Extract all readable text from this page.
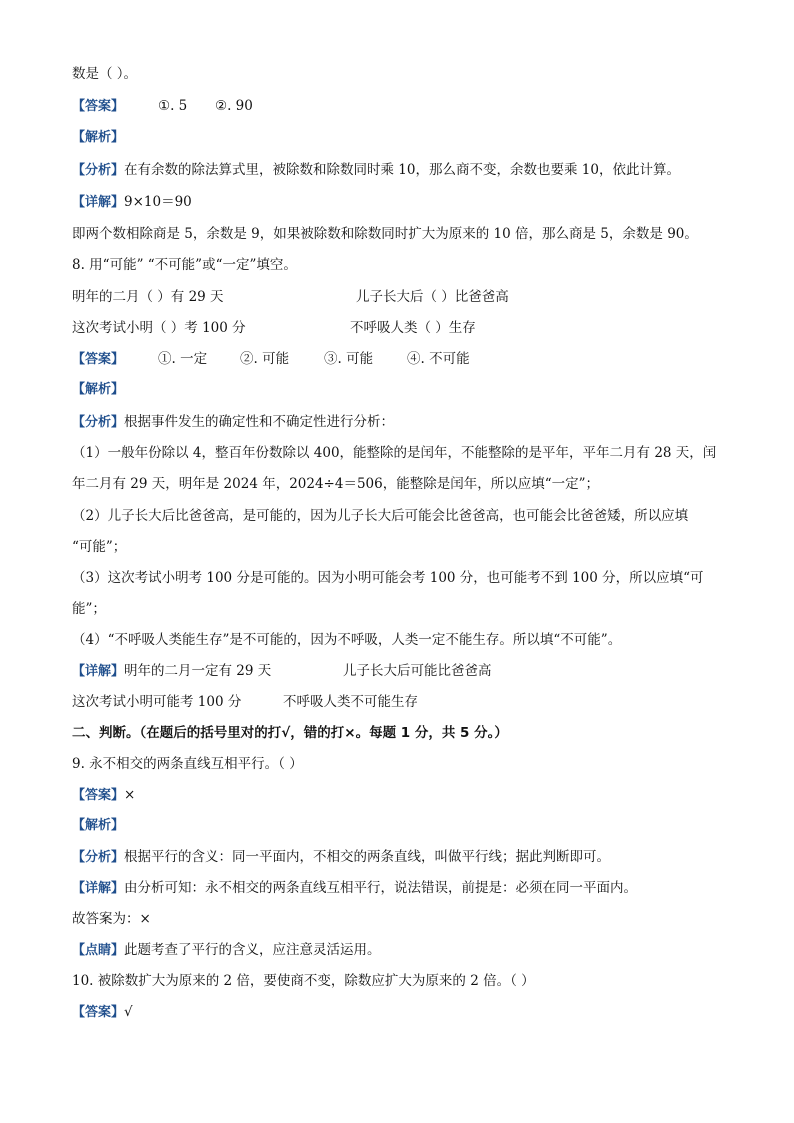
数是（ ）。
【答案】	①. 5 ②. 90
【解析】
【分析】在有余数的除法算式里，被除数和除数同时乘 10，那么商不变，余数也要乘 10，依此计算。
【详解】9×10＝90
即两个数相除商是 5，余数是 9，如果被除数和除数同时扩大为原来的 10 倍，那么商是 5，余数是 90。
8. 用“可能” “不可能”或“一定”填空。
明年的二月（ ）有 29 天	儿子长大后（ ）比爸爸高
这次考试小明（ ）考 100 分	不呼吸人类（ ）生存
【答案】	①. 一定 ②. 可能	③. 可能	④. 不可能
【解析】
【分析】根据事件发生的确定性和不确定性进行分析：
（1）一般年份除以 4，整百年份数除以 400，能整除的是闰年，不能整除的是平年，平年二月有 28 天，闰
年二月有 29 天，明年是 2024 年，2024÷4＝506，能整除是闰年，所以应填“一定”；
（2）儿子长大后比爸爸高，是可能的，因为儿子长大后可能会比爸爸高，也可能会比爸爸矮，所以应填
“可能”；
（3）这次考试小明考 100 分是可能的。因为小明可能会考 100 分，也可能考不到 100 分，所以应填“可
能”；
（4）“不呼吸人类能生存”是不可能的，因为不呼吸，人类一定不能生存。所以填“不可能”。
【详解】明年的二月一定有 29 天	儿子长大后可能比爸爸高
这次考试小明可能考 100 分	不呼吸人类不可能生存
二、判断。（在题后的括号里对的打√，错的打×。每题 1 分，共 5 分。）
9. 永不相交的两条直线互相平行。（ ）
【答案】×
【解析】
【分析】根据平行的含义：同一平面内，不相交的两条直线，叫做平行线；据此判断即可。
【详解】由分析可知：永不相交的两条直线互相平行，说法错误，前提是：必须在同一平面内。
故答案为：×
【点睛】此题考查了平行的含义，应注意灵活运用。
10. 被除数扩大为原来的 2 倍，要使商不变，除数应扩大为原来的 2 倍。（ ）
【答案】√
